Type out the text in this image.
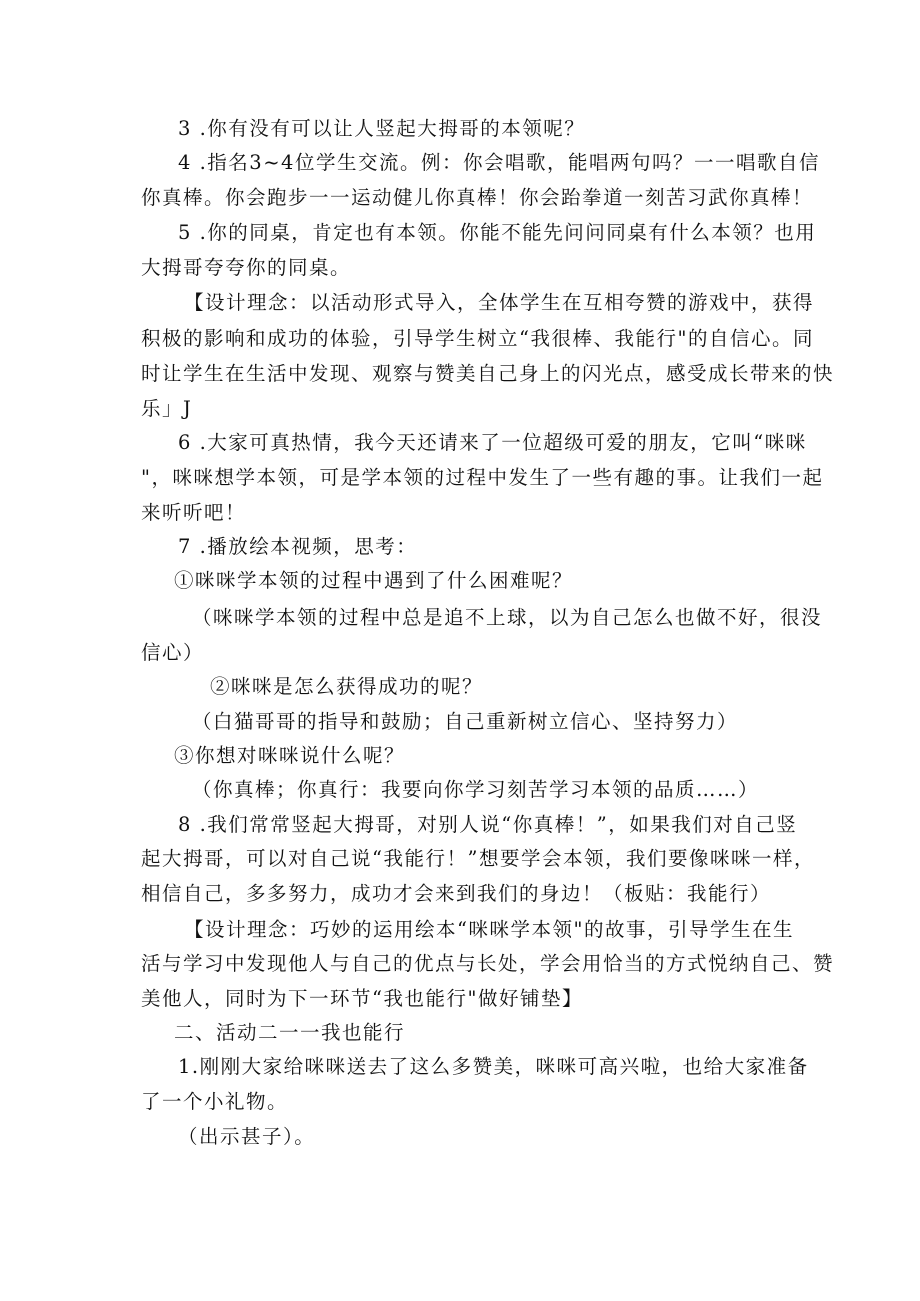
3 .你有没有可以让人竖起大拇哥的本领呢？
4 .指名3~4位学生交流。例：你会唱歌，能唱两句吗？一一唱歌自信
你真棒。你会跑步一一运动健儿你真棒！你会跆拳道一刻苦习武你真棒！
5 .你的同桌，肯定也有本领。你能不能先问问同桌有什么本领？也用
大拇哥夸夸你的同桌。
【设计理念：以活动形式导入，全体学生在互相夸赞的游戏中，获得
积极的影响和成功的体验，引导学生树立“我很棒、我能行"的自信心。同
时让学生在生活中发现、观察与赞美自己身上的闪光点，感受成长带来的快
乐」J
6 .大家可真热情，我今天还请来了一位超级可爱的朋友，它叫“咪咪
"，咪咪想学本领，可是学本领的过程中发生了一些有趣的事。让我们一起
来听听吧！
7 .播放绘本视频，思考：
①咪咪学本领的过程中遇到了什么困难呢？
（咪咪学本领的过程中总是追不上球，以为自己怎么也做不好，很没
信心）
②咪咪是怎么获得成功的呢？
（白猫哥哥的指导和鼓励；自己重新树立信心、坚持努力）
③你想对咪咪说什么呢？
（你真棒；你真行：我要向你学习刻苦学习本领的品质……）
8 .我们常常竖起大拇哥，对别人说“你真棒！”，如果我们对自己竖
起大拇哥，可以对自己说“我能行！”想要学会本领，我们要像咪咪一样，
相信自己，多多努力，成功才会来到我们的身边！（板贴：我能行）
【设计理念：巧妙的运用绘本“咪咪学本领"的故事，引导学生在生
活与学习中发现他人与自己的优点与长处，学会用恰当的方式悦纳自己、赞
美他人，同时为下一环节“我也能行"做好铺垫】
二、活动二一一我也能行
1.刚刚大家给咪咪送去了这么多赞美，咪咪可高兴啦，也给大家准备
了一个小礼物。
（出示甚子）。
